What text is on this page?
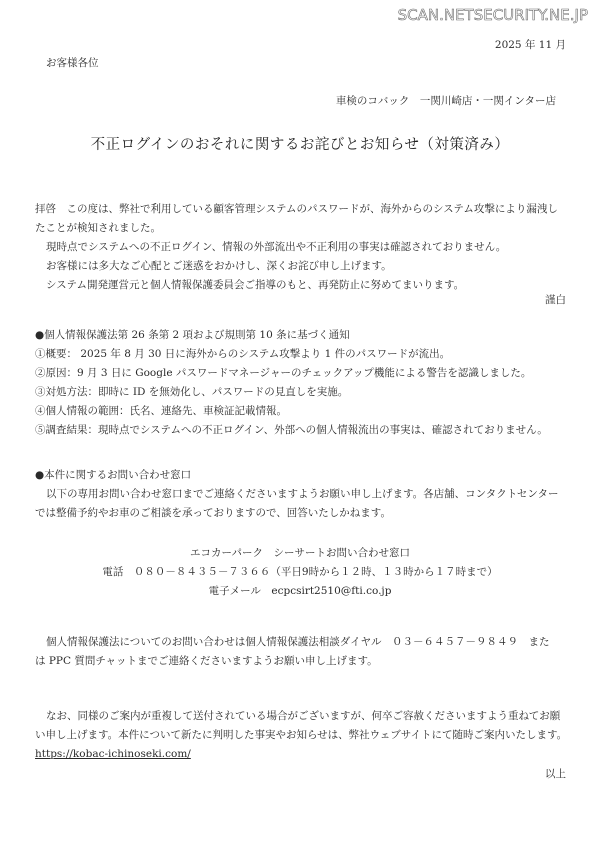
SCAN.NETSECURITY.NE.JP
2025 年 11 月
お客様各位
車検のコバック　一関川崎店・一関インター店
不正ログインのおそれに関するお詫びとお知らせ（対策済み）
拝啓　この度は、弊社で利用している顧客管理システムのパスワードが、海外からのシステム攻撃により漏洩し
たことが検知されました。
現時点でシステムへの不正ログイン、情報の外部流出や不正利用の事実は確認されておりません。
お客様には多大なご心配とご迷惑をおかけし、深くお詫び申し上げます。
システム開発運営元と個人情報保護委員会ご指導のもと、再発防止に努めてまいります。
謹白
●個人情報保護法第 26 条第 2 項および規則第 10 条に基づく通知
①概要： 2025 年 8 月 30 日に海外からのシステム攻撃より 1 件のパスワードが流出。
②原因：9 月 3 日に Google パスワードマネージャーのチェックアップ機能による警告を認識しました。
③対処方法：即時に ID を無効化し、パスワードの見直しを実施。
④個人情報の範囲：氏名、連絡先、車検証記載情報。
⑤調査結果：現時点でシステムへの不正ログイン、外部への個人情報流出の事実は、確認されておりません。
●本件に関するお問い合わせ窓口
以下の専用お問い合わせ窓口までご連絡くださいますようお願い申し上げます。各店舗、コンタクトセンター
では整備予約やお車のご相談を承っておりますので、回答いたしかねます。
エコカーパーク　シーサートお問い合わせ窓口
電話　 ０８０－８４３５－７３６６（平日9時から１２時、１３時から１７時まで）
電子メール　 ecpcsirt2510@fti.co.jp
個人情報保護法についてのお問い合わせは個人情報保護法相談ダイヤル　０３－６４５７－９８４９　また
は PPC 質問チャットまでご連絡くださいますようお願い申し上げます。
なお、同様のご案内が重複して送付されている場合がございますが、何卒ご容赦くださいますよう重ねてお願
い申し上げます。本件について新たに判明した事実やお知らせは、弊社ウェブサイトにて随時ご案内いたします。
https://kobac-ichinoseki.com/
以上
